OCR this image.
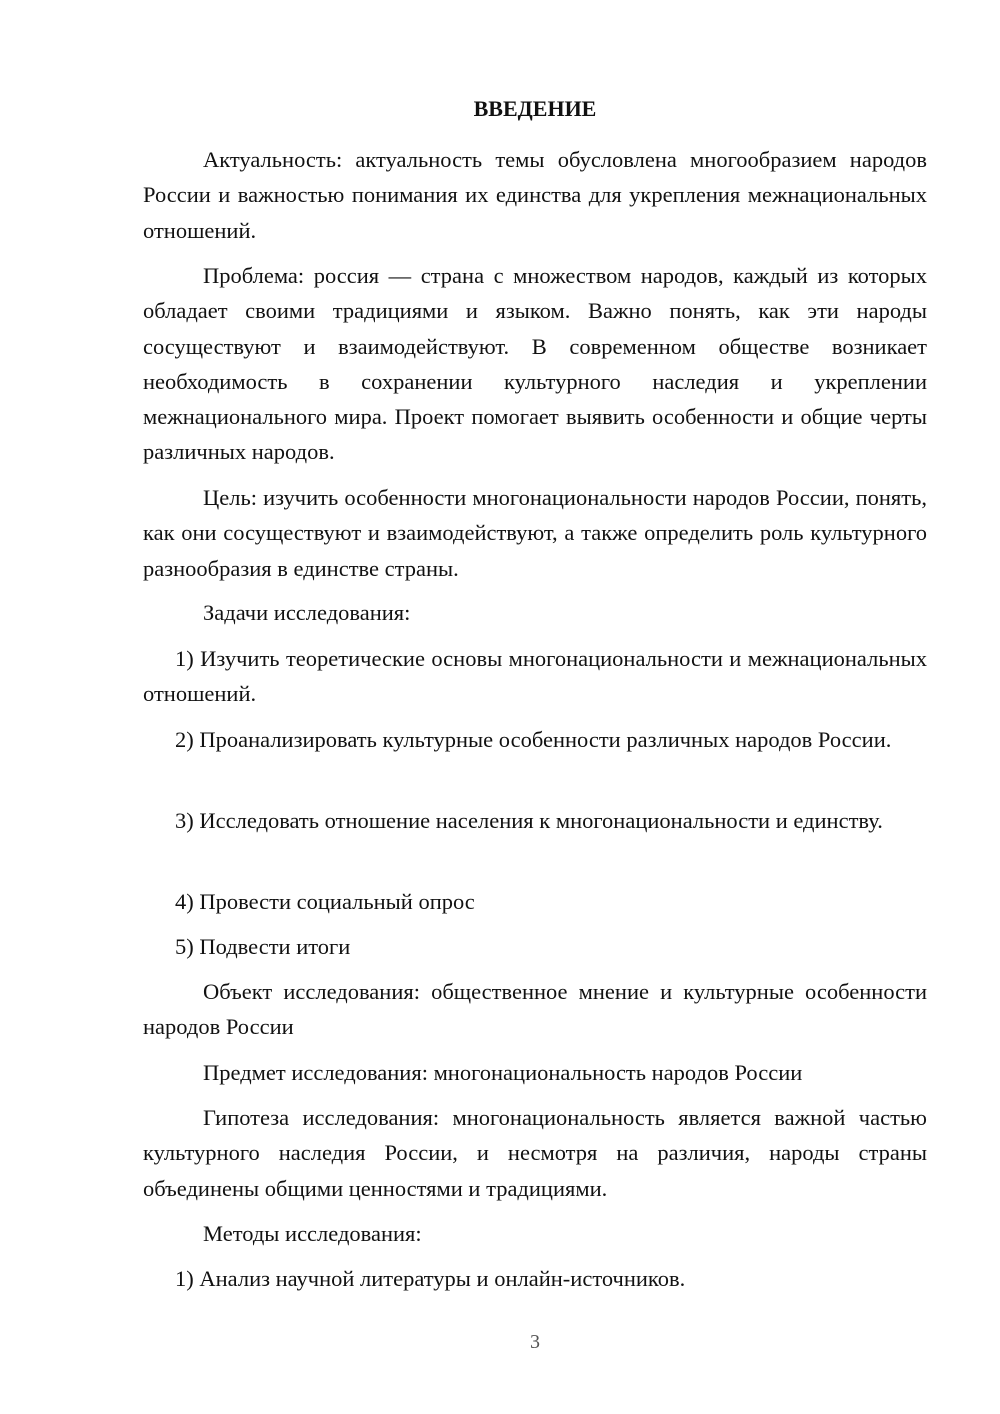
ВВЕДЕНИЕ

Актуальность: актуальность темы обусловлена многообразием народов России и важностью понимания их единства для укрепления межнациональных отношений.

Проблема: россия — страна с множеством народов, каждый из которых обладает своими традициями и языком. Важно понять, как эти народы сосуществуют и взаимодействуют. В современном обществе возникает необходимость в сохранении культурного наследия и укреплении межнационального мира. Проект помогает выявить особенности и общие черты различных народов.

Цель: изучить особенности многонациональности народов России, понять, как они сосуществуют и взаимодействуют, а также определить роль культурного разнообразия в единстве страны.

Задачи исследования:

1) Изучить теоретические основы многонациональности и межнациональных отношений.

2) Проанализировать культурные особенности различных народов России.

3) Исследовать отношение населения к многонациональности и единству.

4) Провести социальный опрос

5) Подвести итоги

Объект исследования: общественное мнение и культурные особенности народов России

Предмет исследования: многонациональность народов России

Гипотеза исследования: многонациональность является важной частью культурного наследия России, и несмотря на различия, народы страны объединены общими ценностями и традициями.

Методы исследования:

1) Анализ научной литературы и онлайн-источников.

3
